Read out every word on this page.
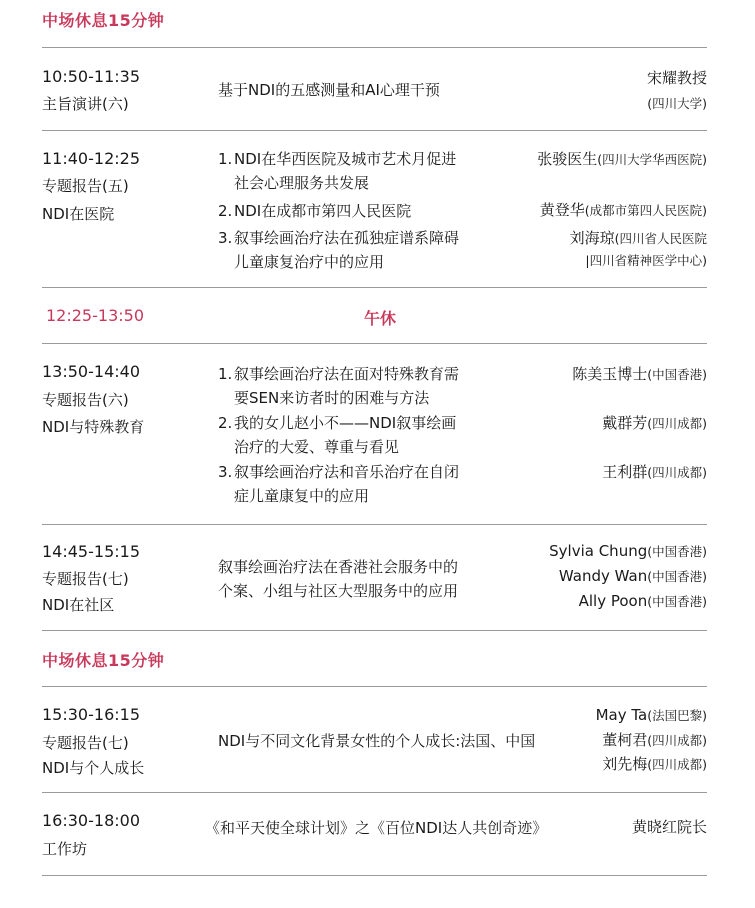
中场休息15分钟
10:50-11:35
主旨演讲(六)
基于NDI的五感测量和AI心理干预
宋耀教授
(四川大学)
11:40-12:25
专题报告(五)
NDI在医院
1. NDI在华西医院及城市艺术月促进
社会心理服务共发展
2. NDI在成都市第四人民医院
3. 叙事绘画治疗法在孤独症谱系障碍
儿童康复治疗中的应用
张骏医生(四川大学华西医院)
黄登华(成都市第四人民医院)
刘海琼(四川省人民医院
|四川省精神医学中心)
12:25-13:50	午休
13:50-14:40
专题报告(六)
NDI与特殊教育
1. 叙事绘画治疗法在面对特殊教育需
要SEN来访者时的困难与方法
2. 我的女儿赵小不——NDI叙事绘画
治疗的大爱、尊重与看见
3. 叙事绘画治疗法和音乐治疗在自闭
症儿童康复中的应用
陈美玉博士(中国香港)
戴群芳(四川成都)
王利群(四川成都)
14:45-15:15
专题报告(七)
NDI在社区
叙事绘画治疗法在香港社会服务中的
个案、小组与社区大型服务中的应用
Sylvia Chung(中国香港)
Wandy Wan(中国香港)
Ally Poon(中国香港)
中场休息15分钟
15:30-16:15
专题报告(七)
NDI与个人成长
NDI与不同文化背景女性的个人成长:法国、中国
May Ta(法国巴黎)
董柯君(四川成都)
刘先梅(四川成都)
16:30-18:00
工作坊
《和平天使全球计划》之《百位NDI达人共创奇迹》	黄晓红院长
